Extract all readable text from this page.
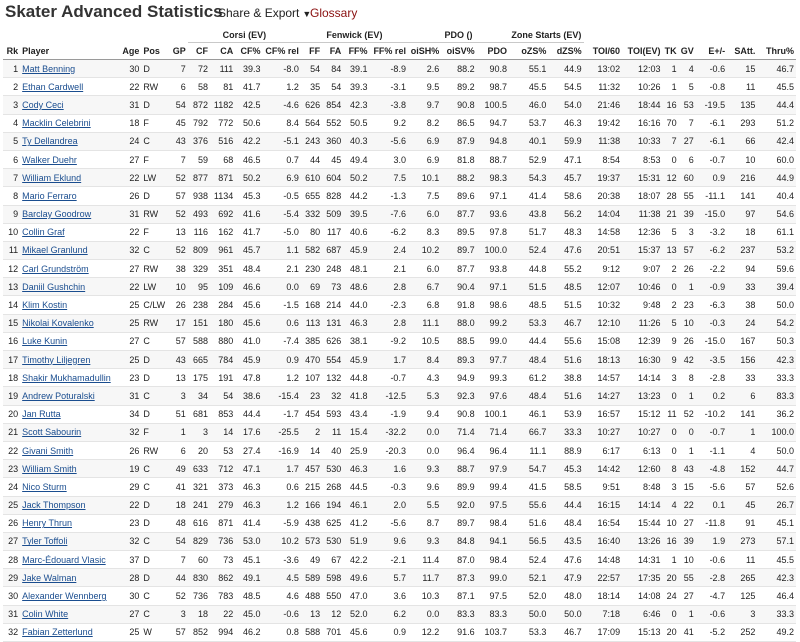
Skater Advanced Statistics
Share & Export ▼
Glossary
					Corsi (EV)				Fenwick (EV)				PDO ()			Zone Starts (EV)								
Rk	Player	Age	Pos	GP	CF	CA	CF%	CF% rel	FF	FA	FF%	FF% rel	oiSH%	oiSV%	PDO	oZS%	dZS%	TOI/60	TOI(EV)	TK	GV	E+/-	SAtt.	Thru%
1	Matt Benning	30	D	7	72	111	39.3	-8.0	54	84	39.1	-8.9	2.6	88.2	90.8	55.1	44.9	13:02	12:03	1	4	-0.6	15	46.7
2	Ethan Cardwell	22	RW	6	58	81	41.7	1.2	35	54	39.3	-3.1	9.5	89.2	98.7	45.5	54.5	11:32	10:26	1	5	-0.8	11	45.5
3	Cody Ceci	31	D	54	872	1182	42.5	-4.6	626	854	42.3	-3.8	9.7	90.8	100.5	46.0	54.0	21:46	18:44	16	53	-19.5	135	44.4
4	Macklin Celebrini	18	F	45	792	772	50.6	8.4	564	552	50.5	9.2	8.2	86.5	94.7	53.7	46.3	19:42	16:16	70	7	-6.1	293	51.2
5	Ty Dellandrea	24	C	43	376	516	42.2	-5.1	243	360	40.3	-5.6	6.9	87.9	94.8	40.1	59.9	11:38	10:33	7	27	-6.1	66	42.4
6	Walker Duehr	27	F	7	59	68	46.5	0.7	44	45	49.4	3.0	6.9	81.8	88.7	52.9	47.1	8:54	8:53	0	6	-0.7	10	60.0
7	William Eklund	22	LW	52	877	871	50.2	6.9	610	604	50.2	7.5	10.1	88.2	98.3	54.3	45.7	19:37	15:31	12	60	0.9	216	44.9
8	Mario Ferraro	26	D	57	938	1134	45.3	-0.5	655	828	44.2	-1.3	7.5	89.6	97.1	41.4	58.6	20:38	18:07	28	55	-11.1	141	40.4
9	Barclay Goodrow	31	RW	52	493	692	41.6	-5.4	332	509	39.5	-7.6	6.0	87.7	93.6	43.8	56.2	14:04	11:38	21	39	-15.0	97	54.6
10	Collin Graf	22	F	13	116	162	41.7	-5.0	80	117	40.6	-6.2	8.3	89.5	97.8	51.7	48.3	14:58	12:36	5	3	-3.2	18	61.1
11	Mikael Granlund	32	C	52	809	961	45.7	1.1	582	687	45.9	2.4	10.2	89.7	100.0	52.4	47.6	20:51	15:37	13	57	-6.2	237	53.2
12	Carl Grundström	27	RW	38	329	351	48.4	2.1	230	248	48.1	2.1	6.0	87.7	93.8	44.8	55.2	9:12	9:07	2	26	-2.2	94	59.6
13	Daniil Gushchin	22	LW	10	95	109	46.6	0.0	69	73	48.6	2.8	6.7	90.4	97.1	51.5	48.5	12:07	10:46	0	1	-0.9	33	39.4
14	Klim Kostin	25	C/LW	26	238	284	45.6	-1.5	168	214	44.0	-2.3	6.8	91.8	98.6	48.5	51.5	10:32	9:48	2	23	-6.3	38	50.0
15	Nikolai Kovalenko	25	RW	17	151	180	45.6	0.6	113	131	46.3	2.8	11.1	88.0	99.2	53.3	46.7	12:10	11:26	5	10	-0.3	24	54.2
16	Luke Kunin	27	C	57	588	880	41.0	-7.4	385	626	38.1	-9.2	10.5	88.5	99.0	44.4	55.6	15:08	12:39	9	26	-15.0	167	50.3
17	Timothy Liljegren	25	D	43	665	784	45.9	0.9	470	554	45.9	1.7	8.4	89.3	97.7	48.4	51.6	18:13	16:30	9	42	-3.5	156	42.3
18	Shakir Mukhamadullin	23	D	13	175	191	47.8	1.2	107	132	44.8	-0.7	4.3	94.9	99.3	61.2	38.8	14:57	14:14	3	8	-2.8	33	33.3
19	Andrew Poturalski	31	C	3	34	54	38.6	-15.4	23	32	41.8	-12.5	5.3	92.3	97.6	48.4	51.6	14:27	13:23	0	1	0.2	6	83.3
20	Jan Rutta	34	D	51	681	853	44.4	-1.7	454	593	43.4	-1.9	9.4	90.8	100.1	46.1	53.9	16:57	15:12	11	52	-10.2	141	36.2
21	Scott Sabourin	32	F	1	3	14	17.6	-25.5	2	11	15.4	-32.2	0.0	71.4	71.4	66.7	33.3	10:27	10:27	0	0	-0.7	1	100.0
22	Givani Smith	26	RW	6	20	53	27.4	-16.9	14	40	25.9	-20.3	0.0	96.4	96.4	11.1	88.9	6:17	6:13	0	1	-1.1	4	50.0
23	William Smith	19	C	49	633	712	47.1	1.7	457	530	46.3	1.6	9.3	88.7	97.9	54.7	45.3	14:42	12:60	8	43	-4.8	152	44.7
24	Nico Sturm	29	C	41	321	373	46.3	0.6	215	268	44.5	-0.3	9.6	89.9	99.4	41.5	58.5	9:51	8:48	3	15	-5.6	57	52.6
25	Jack Thompson	22	D	18	241	279	46.3	1.2	166	194	46.1	2.0	5.5	92.0	97.5	55.6	44.4	16:15	14:14	4	22	0.1	45	26.7
26	Henry Thrun	23	D	48	616	871	41.4	-5.9	438	625	41.2	-5.6	8.7	89.7	98.4	51.6	48.4	16:54	15:44	10	27	-11.8	91	45.1
27	Tyler Toffoli	32	C	54	829	736	53.0	10.2	573	530	51.9	9.6	9.3	84.8	94.1	56.5	43.5	16:40	13:26	16	39	1.9	273	57.1
28	Marc-Édouard Vlasic	37	D	7	60	73	45.1	-3.6	49	67	42.2	-2.1	11.4	87.0	98.4	52.4	47.6	14:48	14:31	1	10	-0.6	11	45.5
29	Jake Walman	28	D	44	830	862	49.1	4.5	589	598	49.6	5.7	11.7	87.3	99.0	52.1	47.9	22:57	17:35	20	55	-2.8	265	42.3
30	Alexander Wennberg	30	C	52	736	783	48.5	4.6	488	550	47.0	3.6	10.3	87.1	97.5	52.0	48.0	18:14	14:08	24	27	-4.7	125	46.4
31	Colin White	27	C	3	18	22	45.0	-0.6	13	12	52.0	6.2	0.0	83.3	83.3	50.0	50.0	7:18	6:46	0	1	-0.6	3	33.3
32	Fabian Zetterlund	25	W	57	852	994	46.2	0.8	588	701	45.6	0.9	12.2	91.6	103.7	53.3	46.7	17:09	15:13	20	41	-5.2	252	49.2
